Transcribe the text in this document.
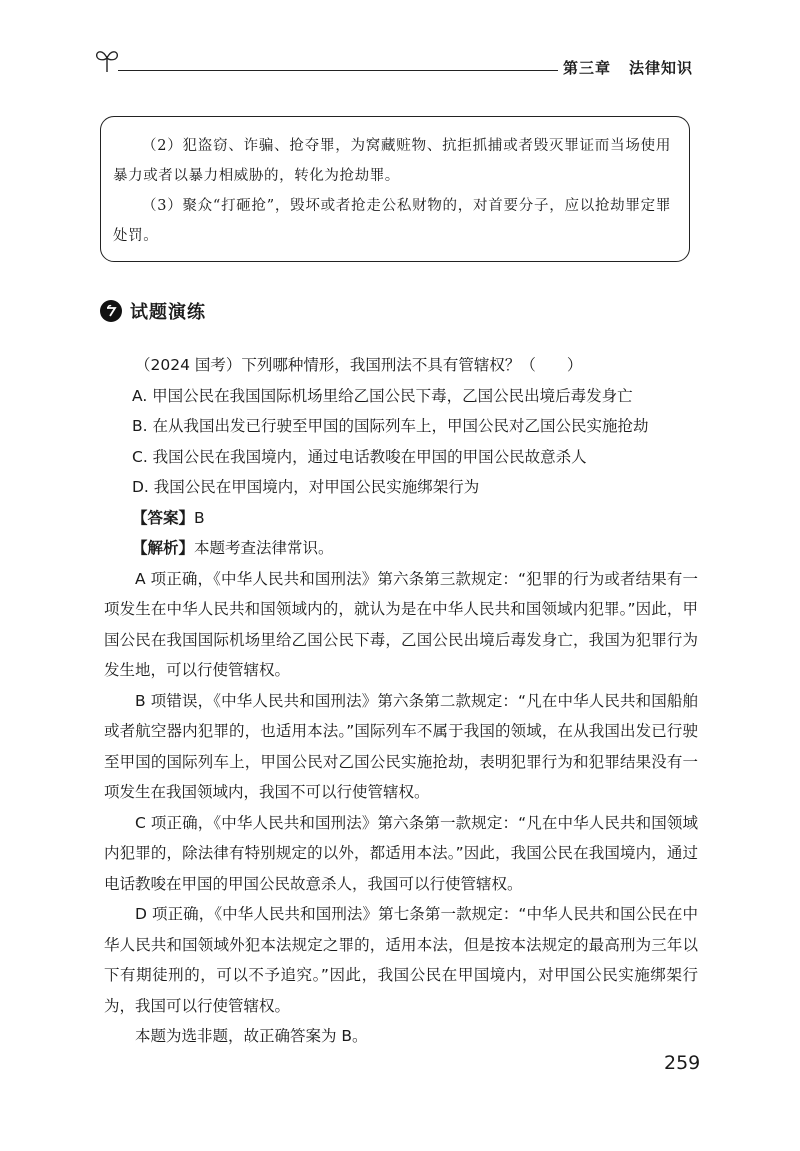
第三章 法律知识

（2）犯盗窃、诈骗、抢夺罪，为窝藏赃物、抗拒抓捕或者毁灭罪证而当场使用暴力或者以暴力相威胁的，转化为抢劫罪。

（3）聚众“打砸抢”，毁坏或者抢走公私财物的，对首要分子，应以抢劫罪定罪处罚。

试题演练

（2024 国考）下列哪种情形，我国刑法不具有管辖权？（　　）

A. 甲国公民在我国国际机场里给乙国公民下毒，乙国公民出境后毒发身亡

B. 在从我国出发已行驶至甲国的国际列车上，甲国公民对乙国公民实施抢劫

C. 我国公民在我国境内，通过电话教唆在甲国的甲国公民故意杀人

D. 我国公民在甲国境内，对甲国公民实施绑架行为

【答案】B

【解析】本题考查法律常识。

A 项正确，《中华人民共和国刑法》第六条第三款规定：“犯罪的行为或者结果有一项发生在中华人民共和国领域内的，就认为是在中华人民共和国领域内犯罪。”因此，甲国公民在我国国际机场里给乙国公民下毒，乙国公民出境后毒发身亡，我国为犯罪行为发生地，可以行使管辖权。

B 项错误，《中华人民共和国刑法》第六条第二款规定：“凡在中华人民共和国船舶或者航空器内犯罪的，也适用本法。”国际列车不属于我国的领域，在从我国出发已行驶至甲国的国际列车上，甲国公民对乙国公民实施抢劫，表明犯罪行为和犯罪结果没有一项发生在我国领域内，我国不可以行使管辖权。

C 项正确，《中华人民共和国刑法》第六条第一款规定：“凡在中华人民共和国领域内犯罪的，除法律有特别规定的以外，都适用本法。”因此，我国公民在我国境内，通过电话教唆在甲国的甲国公民故意杀人，我国可以行使管辖权。

D 项正确，《中华人民共和国刑法》第七条第一款规定：“中华人民共和国公民在中华人民共和国领域外犯本法规定之罪的，适用本法，但是按本法规定的最高刑为三年以下有期徒刑的，可以不予追究。”因此，我国公民在甲国境内，对甲国公民实施绑架行为，我国可以行使管辖权。

本题为选非题，故正确答案为 B。

259
